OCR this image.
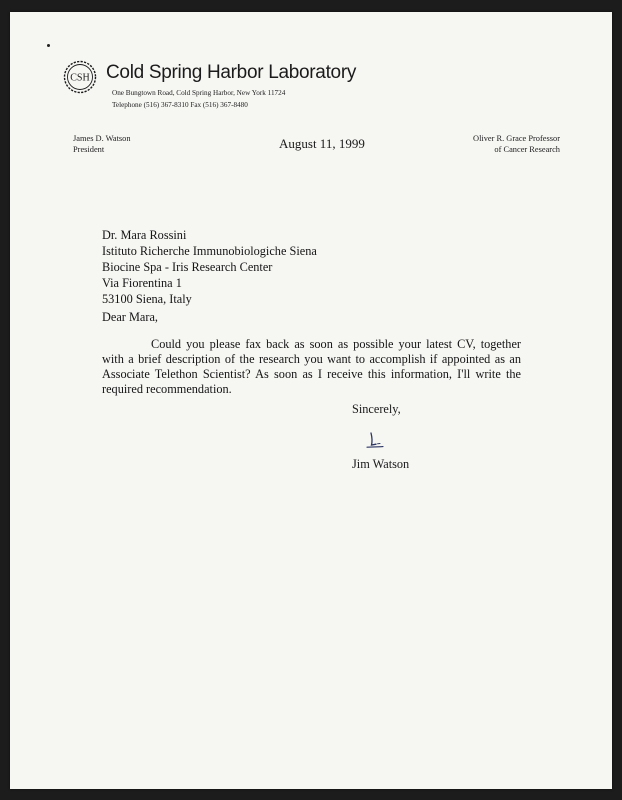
CSH Cold Spring Harbor Laboratory
One Bungtown Road, Cold Spring Harbor, New York 11724
Telephone (516) 367-8310 Fax (516) 367-8480
James D. Watson
President	August 11, 1999	Oliver R. Grace Professor
of Cancer Research
Dr. Mara Rossini
Istituto Richerche Immunobiologiche Siena
Biocine Spa - Iris Research Center
Via Fiorentina 1
53100 Siena, Italy
Dear Mara,
Could you please fax back as soon as possible your latest CV, together with a brief description of the research you want to accomplish if appointed as an Associate Telethon Scientist? As soon as I receive this information, I'll write the required recommendation.
Sincerely,
Jim Watson
